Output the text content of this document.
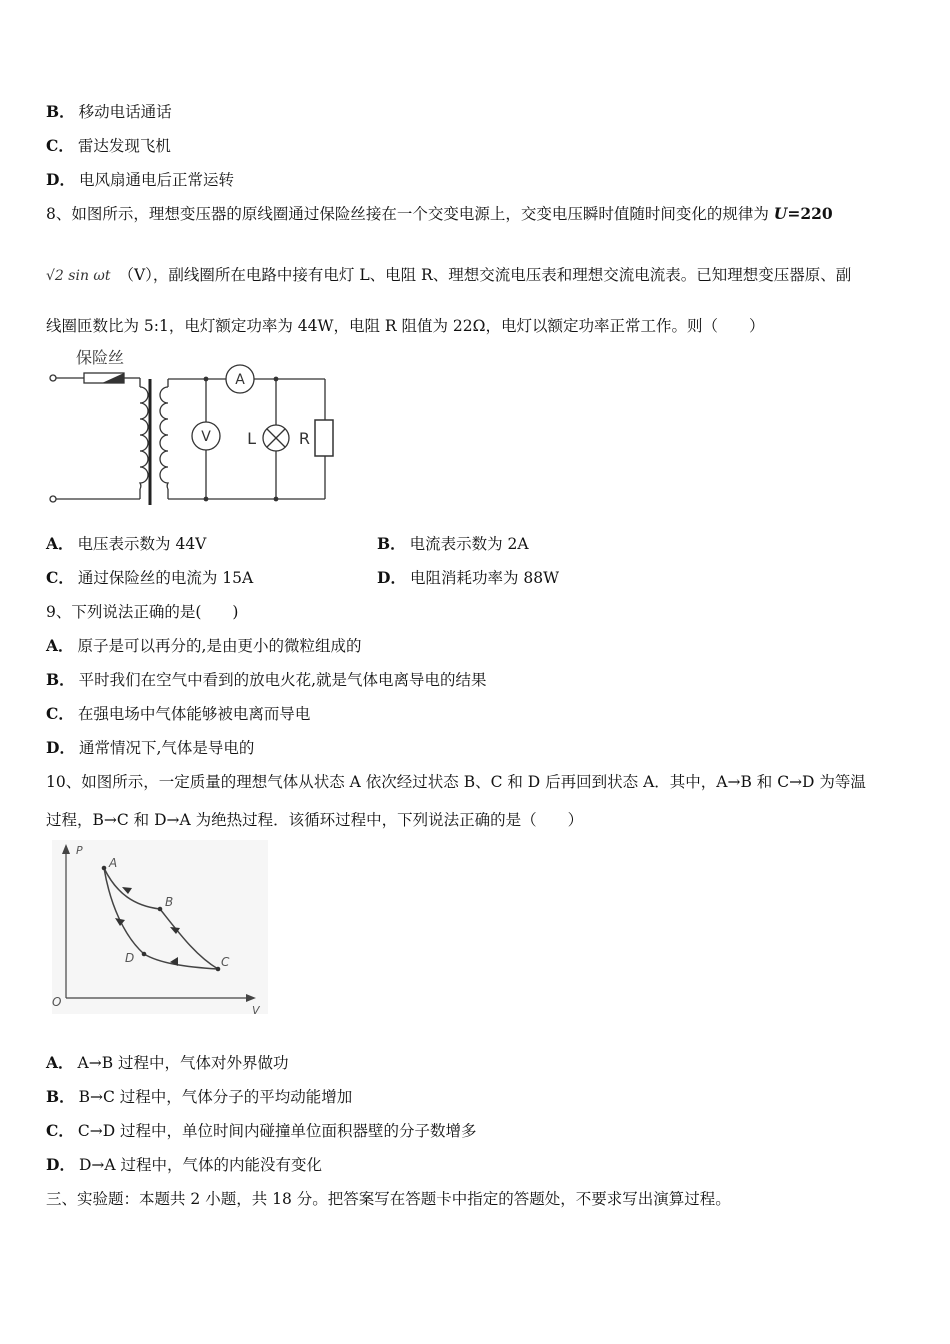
B． 移动电话通话
C． 雷达发现飞机
D． 电风扇通电后正常运转
8、如图所示，理想变压器的原线圈通过保险丝接在一个交变电源上，交变电压瞬时值随时间变化的规律为 U=220
√2 sin ωt （V），副线圈所在电路中接有电灯 L、电阻 R、理想交流电压表和理想交流电流表。已知理想变压器原、副
线圈匝数比为 5:1，电灯额定功率为 44W，电阻 R 阻值为 22Ω，电灯以额定功率正常工作。则（　　）
保险丝
A
V L	R
A． 电压表示数为 44V	B． 电流表示数为 2A
C． 通过保险丝的电流为 15A	D． 电阻消耗功率为 88W
9、下列说法正确的是(　　)
A． 原子是可以再分的,是由更小的微粒组成的
B． 平时我们在空气中看到的放电火花,就是气体电离导电的结果
C． 在强电场中气体能够被电离而导电
D． 通常情况下,气体是导电的
10、如图所示，一定质量的理想气体从状态 A 依次经过状态 B、C 和 D 后再回到状态 A．其中，A→B 和 C→D 为等温
过程，B→C 和 D→A 为绝热过程．该循环过程中，下列说法正确的是（　　）
P
V
O
A
B
C
D
A． A→B 过程中，气体对外界做功
B． B→C 过程中，气体分子的平均动能增加
C． C→D 过程中，单位时间内碰撞单位面积器壁的分子数增多
D． D→A 过程中，气体的内能没有变化
三、实验题：本题共 2 小题，共 18 分。把答案写在答题卡中指定的答题处，不要求写出演算过程。
